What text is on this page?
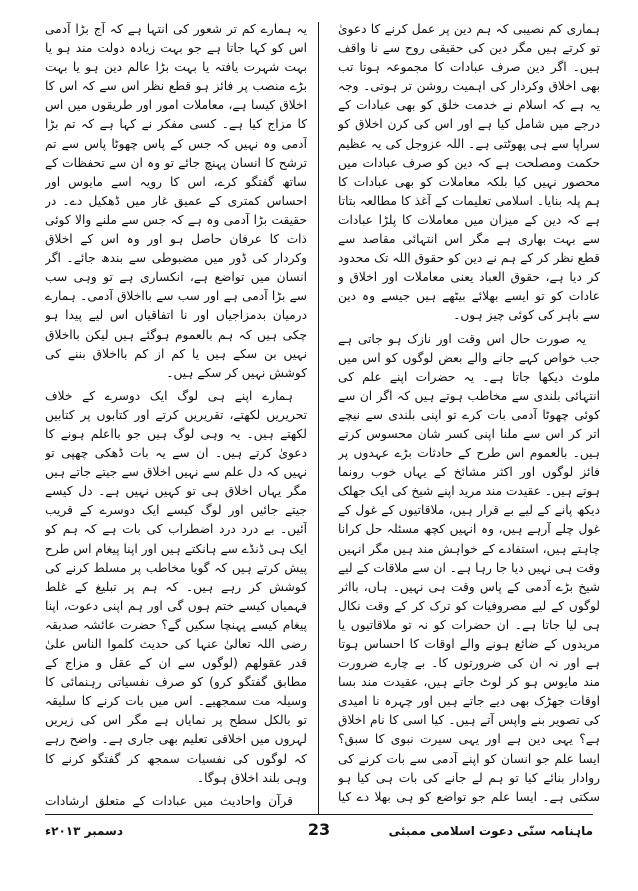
ہماری کم نصیبی کہ ہم دین پر عمل کرنے کا دعویٰ تو کرتے ہیں مگر دین کی حقیقی روح سے نا واقف ہیں۔ اگر دین صرف عبادات کا مجموعہ ہوتا تب بھی اخلاق وکردار کی اہمیت روشن تر ہوتی۔ وجہ یہ ہے کہ اسلام نے خدمت خلق کو بھی عبادات کے درجے میں شامل کیا ہے اور اس کی کرن اخلاق کو سراپا سے ہی پھوٹتی ہے۔ اللہ عزوجل کی یہ عظیم حکمت ومصلحت ہے کہ دین کو صرف عبادات میں محصور نہیں کیا بلکہ معاملات کو بھی عبادات کا ہم پلہ بنایا۔ اسلامی تعلیمات کے آغذ کا مطالعہ بتاتا ہے کہ دین کے میزان میں معاملات کا پلڑا عبادات سے بہت بھاری ہے مگر اس انتہائی مقاصد سے قطع نظر کر کے ہم نے دین کو حقوق اللہ تک محدود کر دیا ہے، حقوق العباد یعنی معاملات اور اخلاق و عادات کو تو ایسے بھلائے بیٹھے ہیں جیسے وہ دین سے باہر کی کوئی چیز ہوں۔

یہ صورت حال اس وقت اور نازک ہو جاتی ہے جب خواص کہے جانے والے بعض لوگوں کو اس میں ملوث دیکھا جاتا ہے۔ یہ حضرات اپنے علم کی انتہائی بلندی سے مخاطب ہوتے ہیں کہ اگر ان سے کوئی چھوٹا آدمی بات کرے تو اپنی بلندی سے نیچے اتر کر اس سے ملنا اپنی کسر شان محسوس کرتے ہیں۔ بالعموم اس طرح کے حادثات بڑے عہدوں پر فائز لوگوں اور اکثر مشائخ کے یہاں خوب رونما ہوتے ہیں۔ عقیدت مند مرید اپنے شیخ کی ایک جھلک دیکھ پانے کے لیے بے قرار ہیں، ملاقاتیوں کے غول کے غول چلے آرہے ہیں، وہ انہیں کچھ مسئلہ حل کرانا چاہتے ہیں، استفادے کے خواہش مند ہیں مگر انہیں وقت ہی نہیں دیا جا رہا ہے۔ ان سے ملاقات کے لیے شیخ بڑے آدمی کے پاس وقت ہی نہیں۔ ہاں، بااثر لوگوں کے لیے مصروفیات کو ترک کر کے وقت نکال ہی لیا جاتا ہے۔ ان حضرات کو نہ تو ملاقاتیوں یا مریدوں کے ضائع ہونے والے اوقات کا احساس ہوتا ہے اور نہ ان کی ضرورتوں کا۔ بے چارے ضرورت مند مایوس ہو کر لوٹ جاتے ہیں، عقیدت مند بسا اوقات جھڑک بھی دیے جاتے ہیں اور چہرہ نا امیدی کی تصویر بنے واپس آتے ہیں۔ کیا اسی کا نام اخلاق ہے؟ یہی دین ہے اور یہی سیرت نبوی کا سبق؟ ایسا علم جو انسان کو اپنے آدمی سے بات کرنے کی روادار بنائے کیا تو ہم لے جانے کی بات ہی کیا ہو سکتی ہے۔ ایسا علم جو تواضع کو ہی بھلا دے کیا

یہ ہمارے کم تر شعور کی انتہا ہے کہ آج بڑا آدمی اس کو کہا جاتا ہے جو بہت زیادہ دولت مند ہو یا بہت شہرت یافتہ یا بہت بڑا عالم دین ہو یا بہت بڑے منصب پر فائز ہو قطع نظر اس سے کہ اس کا اخلاق کیسا ہے، معاملات امور اور طریقوں میں اس کا مزاج کیا ہے۔ کسی مفکر نے کہا ہے کہ تم بڑا آدمی وہ نہیں کہ جس کے پاس چھوٹا پاس سے تم ترشح کا انسان پہنچ جائے تو وہ ان سے تحفظات کے ساتھ گفتگو کرے، اس کا رویہ اسے مایوس اور احساس کمتری کے عمیق غار میں ڈھکیل دے۔ در حقیقت بڑا آدمی وہ ہے کہ جس سے ملنے والا کوئی ذات کا عرفان حاصل ہو اور وہ اس کے اخلاق وکردار کی ڈور میں مضبوطی سے بندھ جائے۔ اگر انسان میں تواضع ہے، انکساری ہے تو وہی سب سے بڑا آدمی ہے اور سب سے بااخلاق آدمی۔ ہمارے درمیان بدمزاجیاں اور نا اتفاقیاں اس لیے پیدا ہو چکی ہیں کہ ہم بالعموم ہوگئے ہیں لیکن بااخلاق نہیں بن سکے ہیں یا کم از کم بااخلاق بننے کی کوشش نہیں کر سکے ہیں۔

ہمارے اپنے ہی لوگ ایک دوسرے کے خلاف تحریریں لکھتے، تقریریں کرتے اور کتابوں پر کتابیں لکھتے ہیں۔ یہ وہی لوگ ہیں جو بااعلم ہونے کا دعویٰ کرتے ہیں۔ ان سے یہ بات ڈھکی چھپی تو نہیں کہ دل علم سے نہیں اخلاق سے جیتے جاتے ہیں مگر یہاں اخلاق ہی تو کہیں نہیں ہے۔ دل کیسے جیتے جائیں اور لوگ کیسے ایک دوسرے کے قریب آئیں۔ بے درد درد اضطراب کی بات ہے کہ ہم کو ایک ہی ڈنڈے سے ہانکتے ہیں اور اپنا پیغام اس طرح پیش کرتے ہیں کہ گویا مخاطب پر مسلط کرنے کی کوشش کر رہے ہیں۔ کہ ہم پر تبلیغ کے غلط فہمیاں کیسے ختم ہوں گی اور ہم اپنی دعوت، اپنا پیغام کیسے پہنچا سکیں گے؟ حضرت عائشہ صدیقہ رضی اللہ تعالیٰ عنہا کی حدیث کلموا الناس علیٰ قدر عقولهم (لوگوں سے ان کے عقل و مزاج کے مطابق گفتگو کرو) کو صرف نفسیاتی رہنمائی کا وسیلہ مت سمجھیے۔ اس میں بات کرنے کا سلیقہ تو بالکل سطح پر نمایاں ہے مگر اس کی زیریں لہروں میں اخلاقی تعلیم بھی جاری ہے۔ واضح رہے کہ لوگوں کی نفسیات سمجھ کر گفتگو کرنے کا وہی بلند اخلاق ہوگا۔

قرآن واحادیث میں عبادات کے متعلق ارشادات

ماہنامہ سنّی دعوت اسلامی ممبئی
23
دسمبر ۲۰۱۳ء
